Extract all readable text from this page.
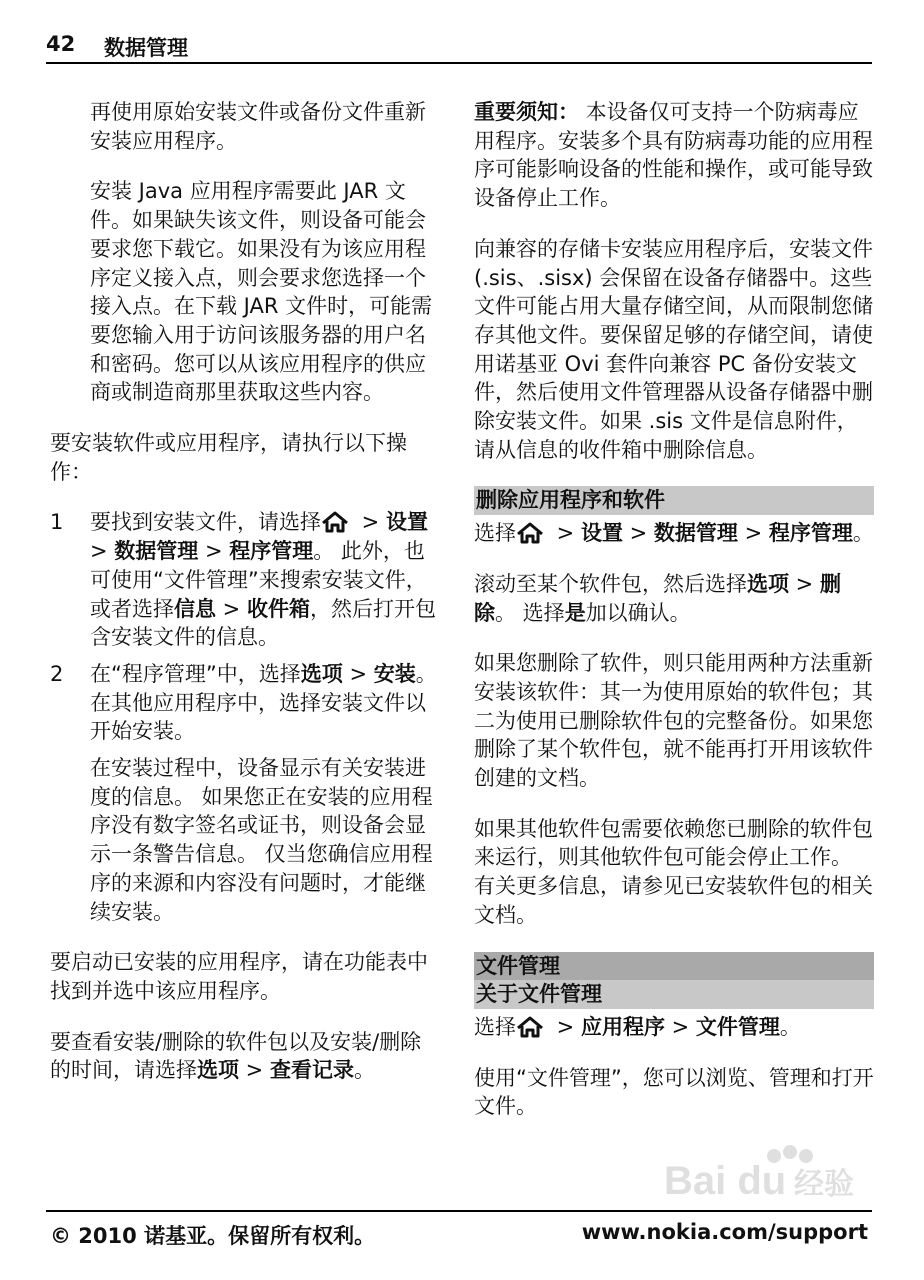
42 数据管理

再使用原始安装文件或备份文件重新安装应用程序。

安装 Java 应用程序需要此 JAR 文件。如果缺失该文件，则设备可能会要求您下载它。如果没有为该应用程序定义接入点，则会要求您选择一个接入点。在下载 JAR 文件时，可能需要您输入用于访问该服务器的用户名和密码。您可以从该应用程序的供应商或制造商那里获取这些内容。

要安装软件或应用程序，请执行以下操作：

1 要找到安装文件，请选择
> 设置 > 数据管理 > 程序管理。 此外，也可使用“文件管理”来搜索安装文件，或者选择信息 > 收件箱，然后打开包含安装文件的信息。
2 在“程序管理”中，选择选项 > 安装。 在其他应用程序中，选择安装文件以开始安装。

在安装过程中，设备显示有关安装进度的信息。 如果您正在安装的应用程序没有数字签名或证书，则设备会显示一条警告信息。 仅当您确信应用程序的来源和内容没有问题时，才能继续安装。

要启动已安装的应用程序，请在功能表中找到并选中该应用程序。

要查看安装/删除的软件包以及安装/删除的时间，请选择选项 > 查看记录。

重要须知： 本设备仅可支持一个防病毒应用程序。安装多个具有防病毒功能的应用程序可能影响设备的性能和操作，或可能导致设备停止工作。

向兼容的存储卡安装应用程序后，安装文件 (.sis、.sisx) 会保留在设备存储器中。这些文件可能占用大量存储空间，从而限制您储存其他文件。要保留足够的存储空间，请使用诺基亚 Ovi 套件向兼容 PC 备份安装文件，然后使用文件管理器从设备存储器中删除安装文件。如果 .sis 文件是信息附件，请从信息的收件箱中删除信息。

删除应用程序和软件

选择
> 设置 > 数据管理 > 程序管理。

滚动至某个软件包，然后选择选项 > 删除。 选择是加以确认。

如果您删除了软件，则只能用两种方法重新安装该软件：其一为使用原始的软件包；其二为使用已删除软件包的完整备份。如果您删除了某个软件包，就不能再打开用该软件创建的文档。

如果其他软件包需要依赖您已删除的软件包来运行，则其他软件包可能会停止工作。 有关更多信息，请参见已安装软件包的相关文档。

文件管理
关于文件管理

选择
> 应用程序 > 文件管理。

使用“文件管理”，您可以浏览、管理和打开文件。

Bai du 经验
© 2010 诺基亚。保留所有权利。	www.nokia.com/support
